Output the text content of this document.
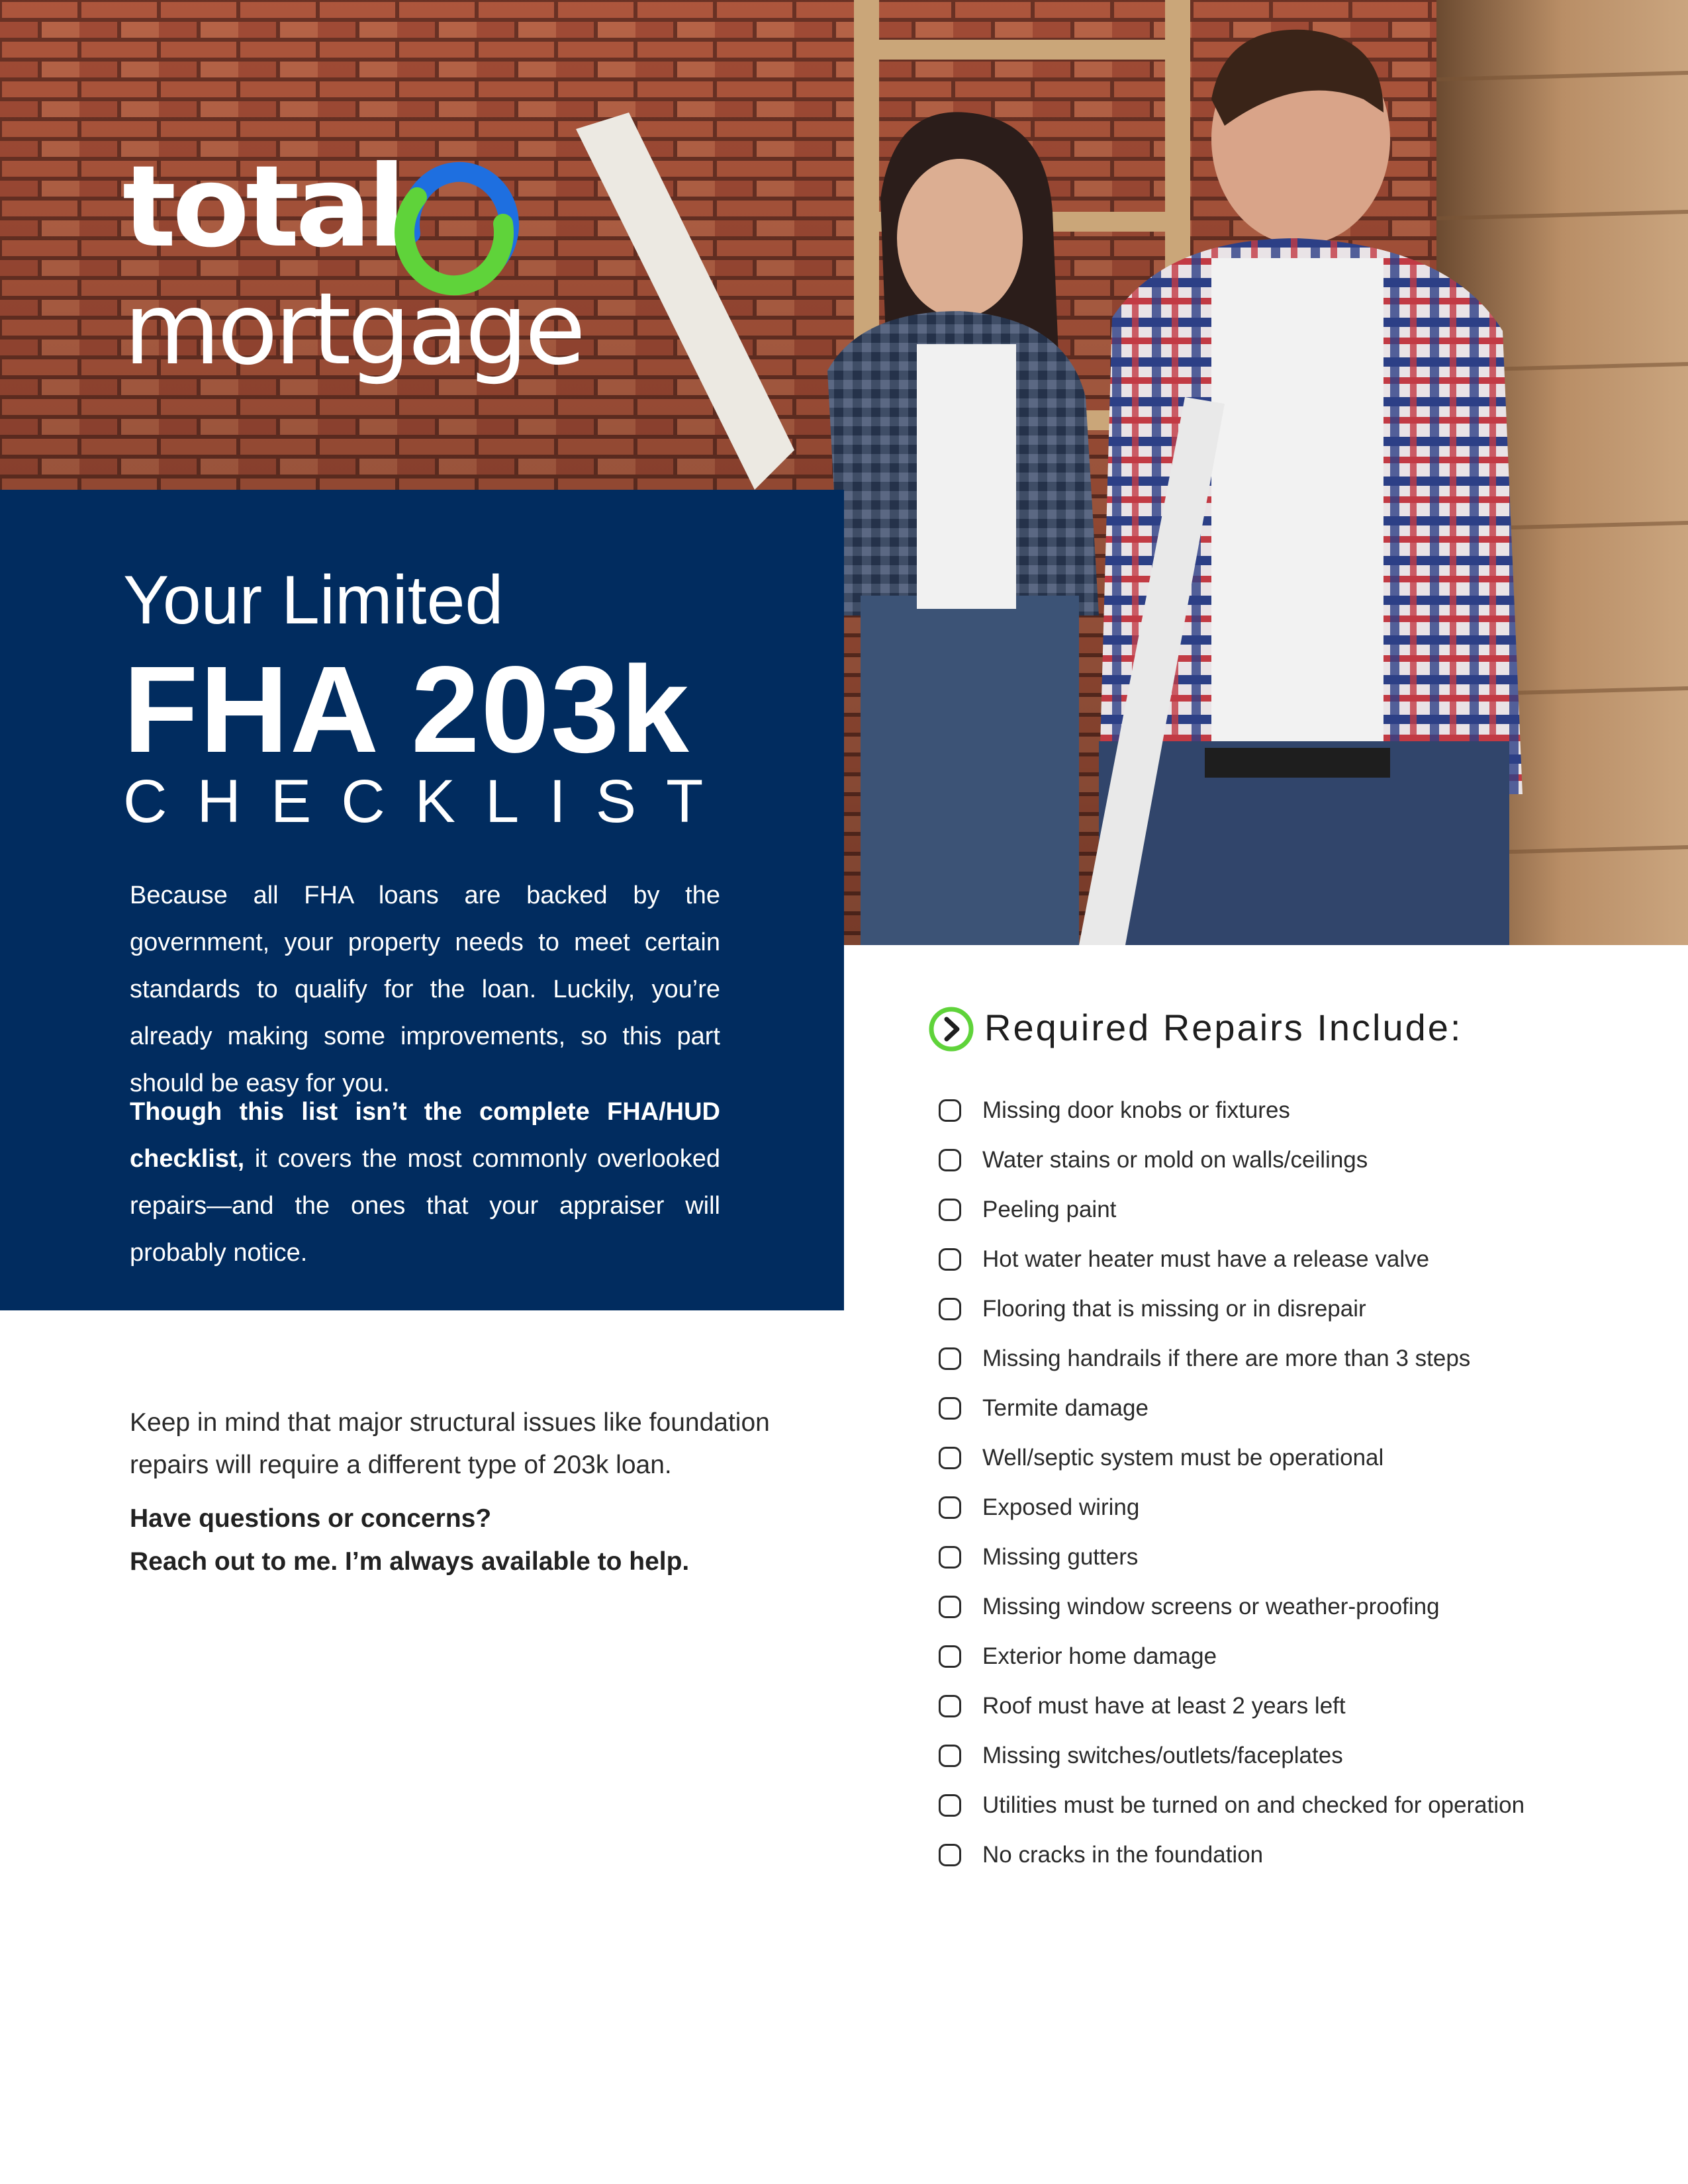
total
mortgage
Your Limited
FHA 203k
CHECKLIST

Because all FHA loans are backed by the government, your property needs to meet certain standards to qualify for the loan. Luckily, you’re already making some improvements, so this part should be easy for you.

Though this list isn’t the complete FHA/HUD checklist, it covers the most commonly overlooked repairs—and the ones that your appraiser will probably notice.

Keep in mind that major structural issues like foundation repairs will require a different type of 203k loan.

Have questions or concerns?
Reach out to me. I’m always available to help.
Required Repairs Include:
Missing door knobs or fixtures
Water stains or mold on walls/ceilings
Peeling paint
Hot water heater must have a release valve
Flooring that is missing or in disrepair
Missing handrails if there are more than 3 steps
Termite damage
Well/septic system must be operational
Exposed wiring
Missing gutters
Missing window screens or weather-proofing
Exterior home damage
Roof must have at least 2 years left
Missing switches/outlets/faceplates
Utilities must be turned on and checked for operation
No cracks in the foundation
